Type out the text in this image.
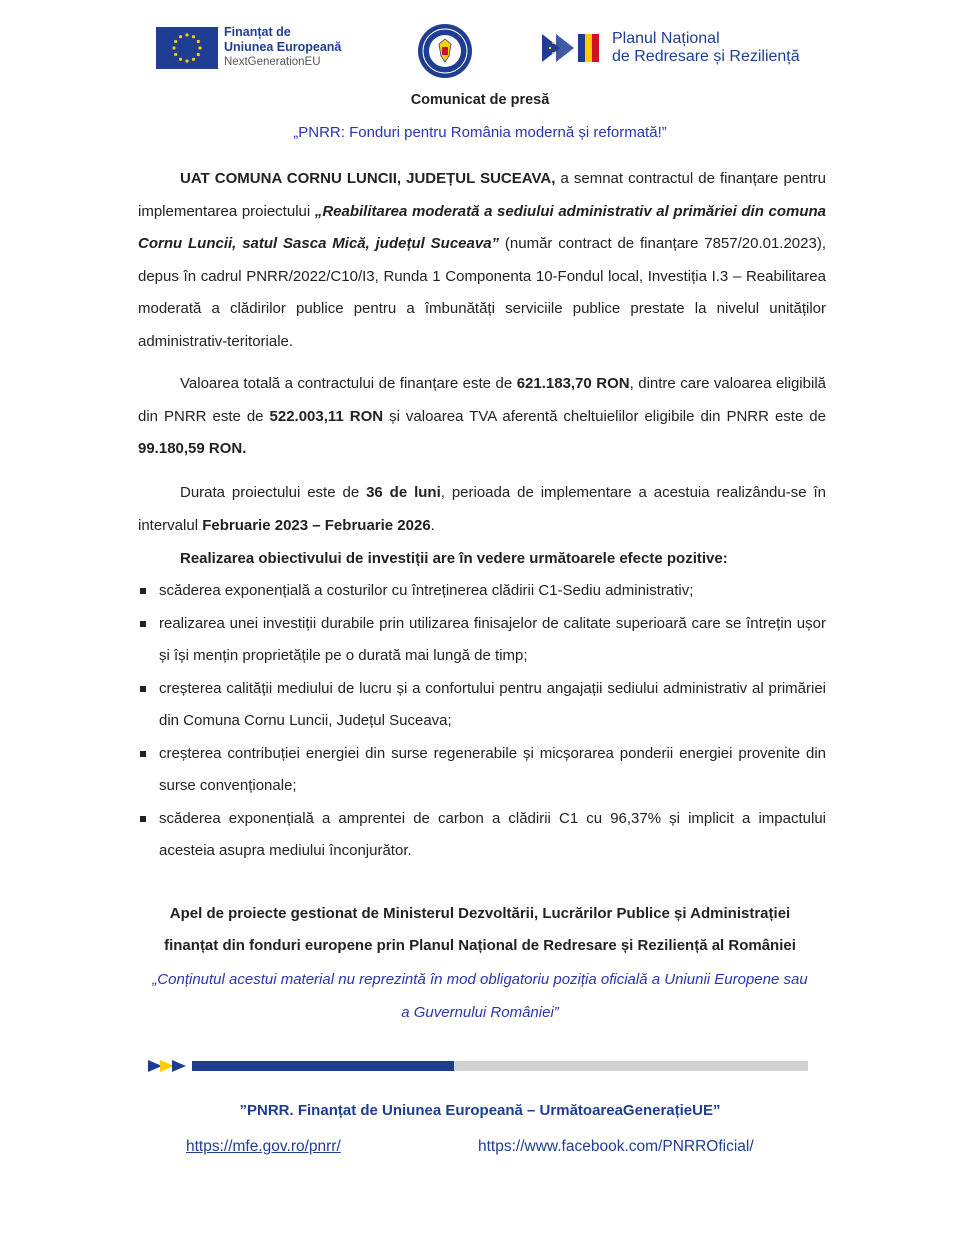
Finanțat de
Uniunea Europeană
NextGenerationEU
Planul Național
de Redresare și Reziliență
Comunicat de presă
„PNRR: Fonduri pentru România modernă și reformată!”
UAT COMUNA CORNU LUNCII, JUDEȚUL SUCEAVA, a semnat contractul de finanțare pentru implementarea proiectului „Reabilitarea moderată a sediului administrativ al primăriei din comuna Cornu Luncii, satul Sasca Mică, județul Suceava” (număr contract de finanțare 7857/20.01.2023), depus în cadrul PNRR/2022/C10/I3, Runda 1 Componenta 10-Fondul local, Investiția I.3 – Reabilitarea moderată a clădirilor publice pentru a îmbunătăți serviciile publice prestate la nivelul unităților administrativ-teritoriale.
Valoarea totală a contractului de finanțare este de 621.183,70 RON, dintre care valoarea eligibilă din PNRR este de 522.003,11 RON și valoarea TVA aferentă cheltuielilor eligibile din PNRR este de 99.180,59 RON.
Durata proiectului este de 36 de luni, perioada de implementare a acestuia realizându-se în intervalul Februarie 2023 – Februarie 2026.
Realizarea obiectivului de investiții are în vedere următoarele efecte pozitive:
scăderea exponențială a costurilor cu întreținerea clădirii C1-Sediu administrativ;
realizarea unei investiții durabile prin utilizarea finisajelor de calitate superioară care se întrețin ușor și își mențin proprietățile pe o durată mai lungă de timp;
creșterea calității mediului de lucru și a confortului pentru angajații sediului administrativ al primăriei din Comuna Cornu Luncii, Județul Suceava;
creșterea contribuției energiei din surse regenerabile și micșorarea ponderii energiei provenite din surse convenționale;
scăderea exponențială a amprentei de carbon a clădirii C1 cu 96,37% și implicit a impactului acesteia asupra mediului înconjurător.
Apel de proiecte gestionat de Ministerul Dezvoltării, Lucrărilor Publice și Administrației
finanțat din fonduri europene prin Planul Național de Redresare și Reziliență al României
„Conținutul acestui material nu reprezintă în mod obligatoriu poziția oficială a Uniunii Europene sau a Guvernului României”
”PNRR. Finanțat de Uniunea Europeană – UrmătoareaGenerațieUE”
https://mfe.gov.ro/pnrr/	https://www.facebook.com/PNRROficial/
